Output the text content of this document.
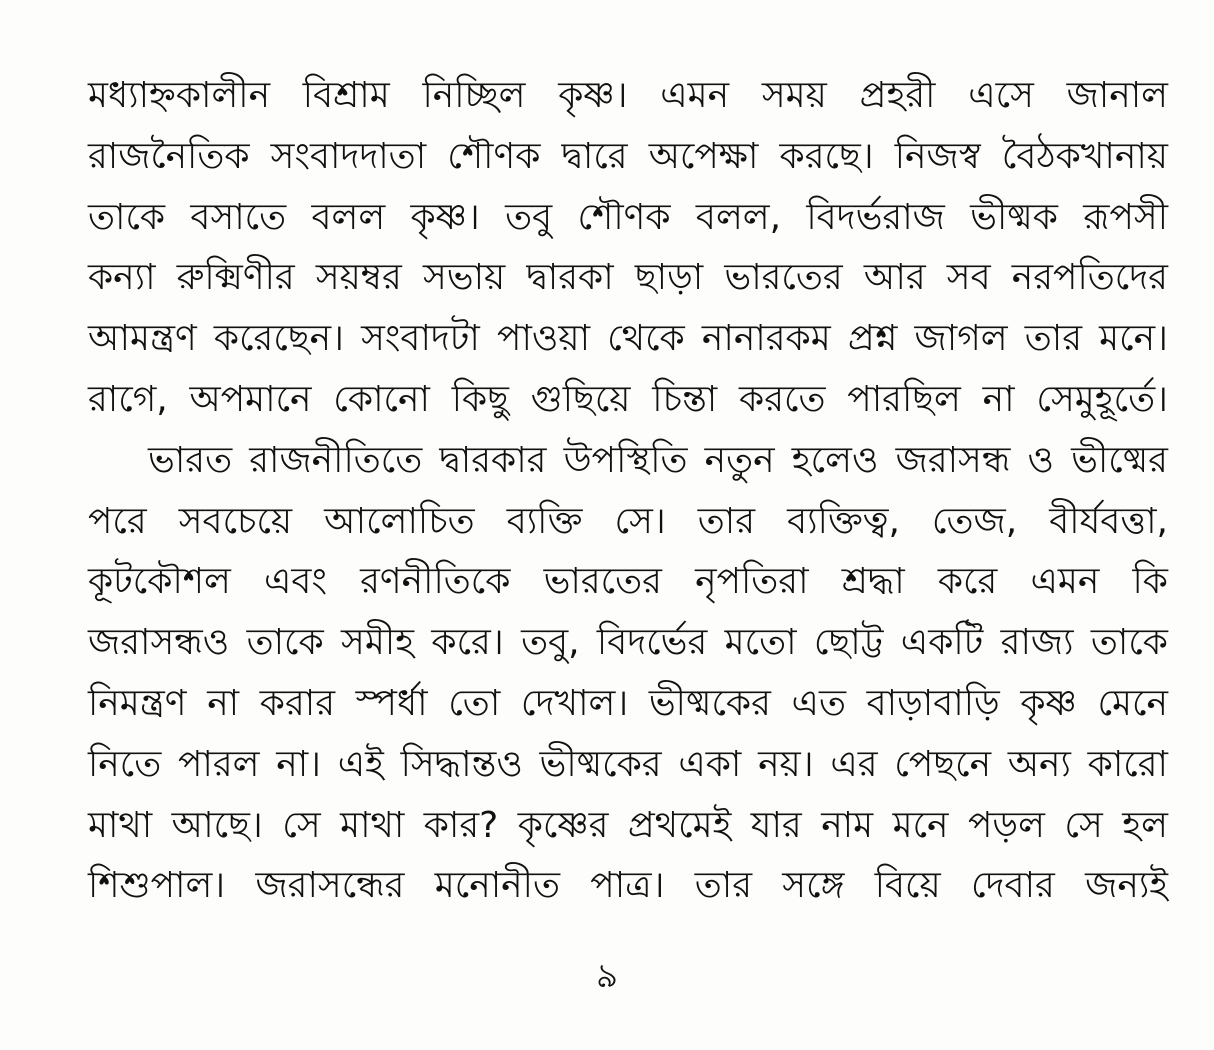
মধ্যাহ্নকালীন বিশ্রাম নিচ্ছিল কৃষ্ণ। এমন সময় প্রহরী এসে জানাল
রাজনৈতিক সংবাদদাতা শৌণক দ্বারে অপেক্ষা করছে। নিজস্ব বৈঠকখানায়
তাকে বসাতে বলল কৃষ্ণ। তবু শৌণক বলল, বিদর্ভরাজ ভীষ্মক রূপসী
কন্যা রুক্মিণীর সয়ম্বর সভায় দ্বারকা ছাড়া ভারতের আর সব নরপতিদের
আমন্ত্রণ করেছেন। সংবাদটা পাওয়া থেকে নানারকম প্রশ্ন জাগল তার মনে।
রাগে, অপমানে কোনো কিছু গুছিয়ে চিন্তা করতে পারছিল না সেমুহূর্তে।
ভারত রাজনীতিতে দ্বারকার উপস্থিতি নতুন হলেও জরাসন্ধ ও ভীষ্মের
পরে সবচেয়ে আলোচিত ব্যক্তি সে। তার ব্যক্তিত্ব, তেজ, বীর্যবত্তা,
কূটকৌশল এবং রণনীতিকে ভারতের নৃপতিরা শ্রদ্ধা করে এমন কি
জরাসন্ধও তাকে সমীহ করে। তবু, বিদর্ভের মতো ছোট্ট একটি রাজ্য তাকে
নিমন্ত্রণ না করার স্পর্ধা তো দেখাল। ভীষ্মকের এত বাড়াবাড়ি কৃষ্ণ মেনে
নিতে পারল না। এই সিদ্ধান্তও ভীষ্মকের একা নয়। এর পেছনে অন্য কারো
মাথা আছে। সে মাথা কার? কৃষ্ণের প্রথমেই যার নাম মনে পড়ল সে হল
শিশুপাল। জরাসন্ধের মনোনীত পাত্র। তার সঙ্গে বিয়ে দেবার জন্যই
৯
